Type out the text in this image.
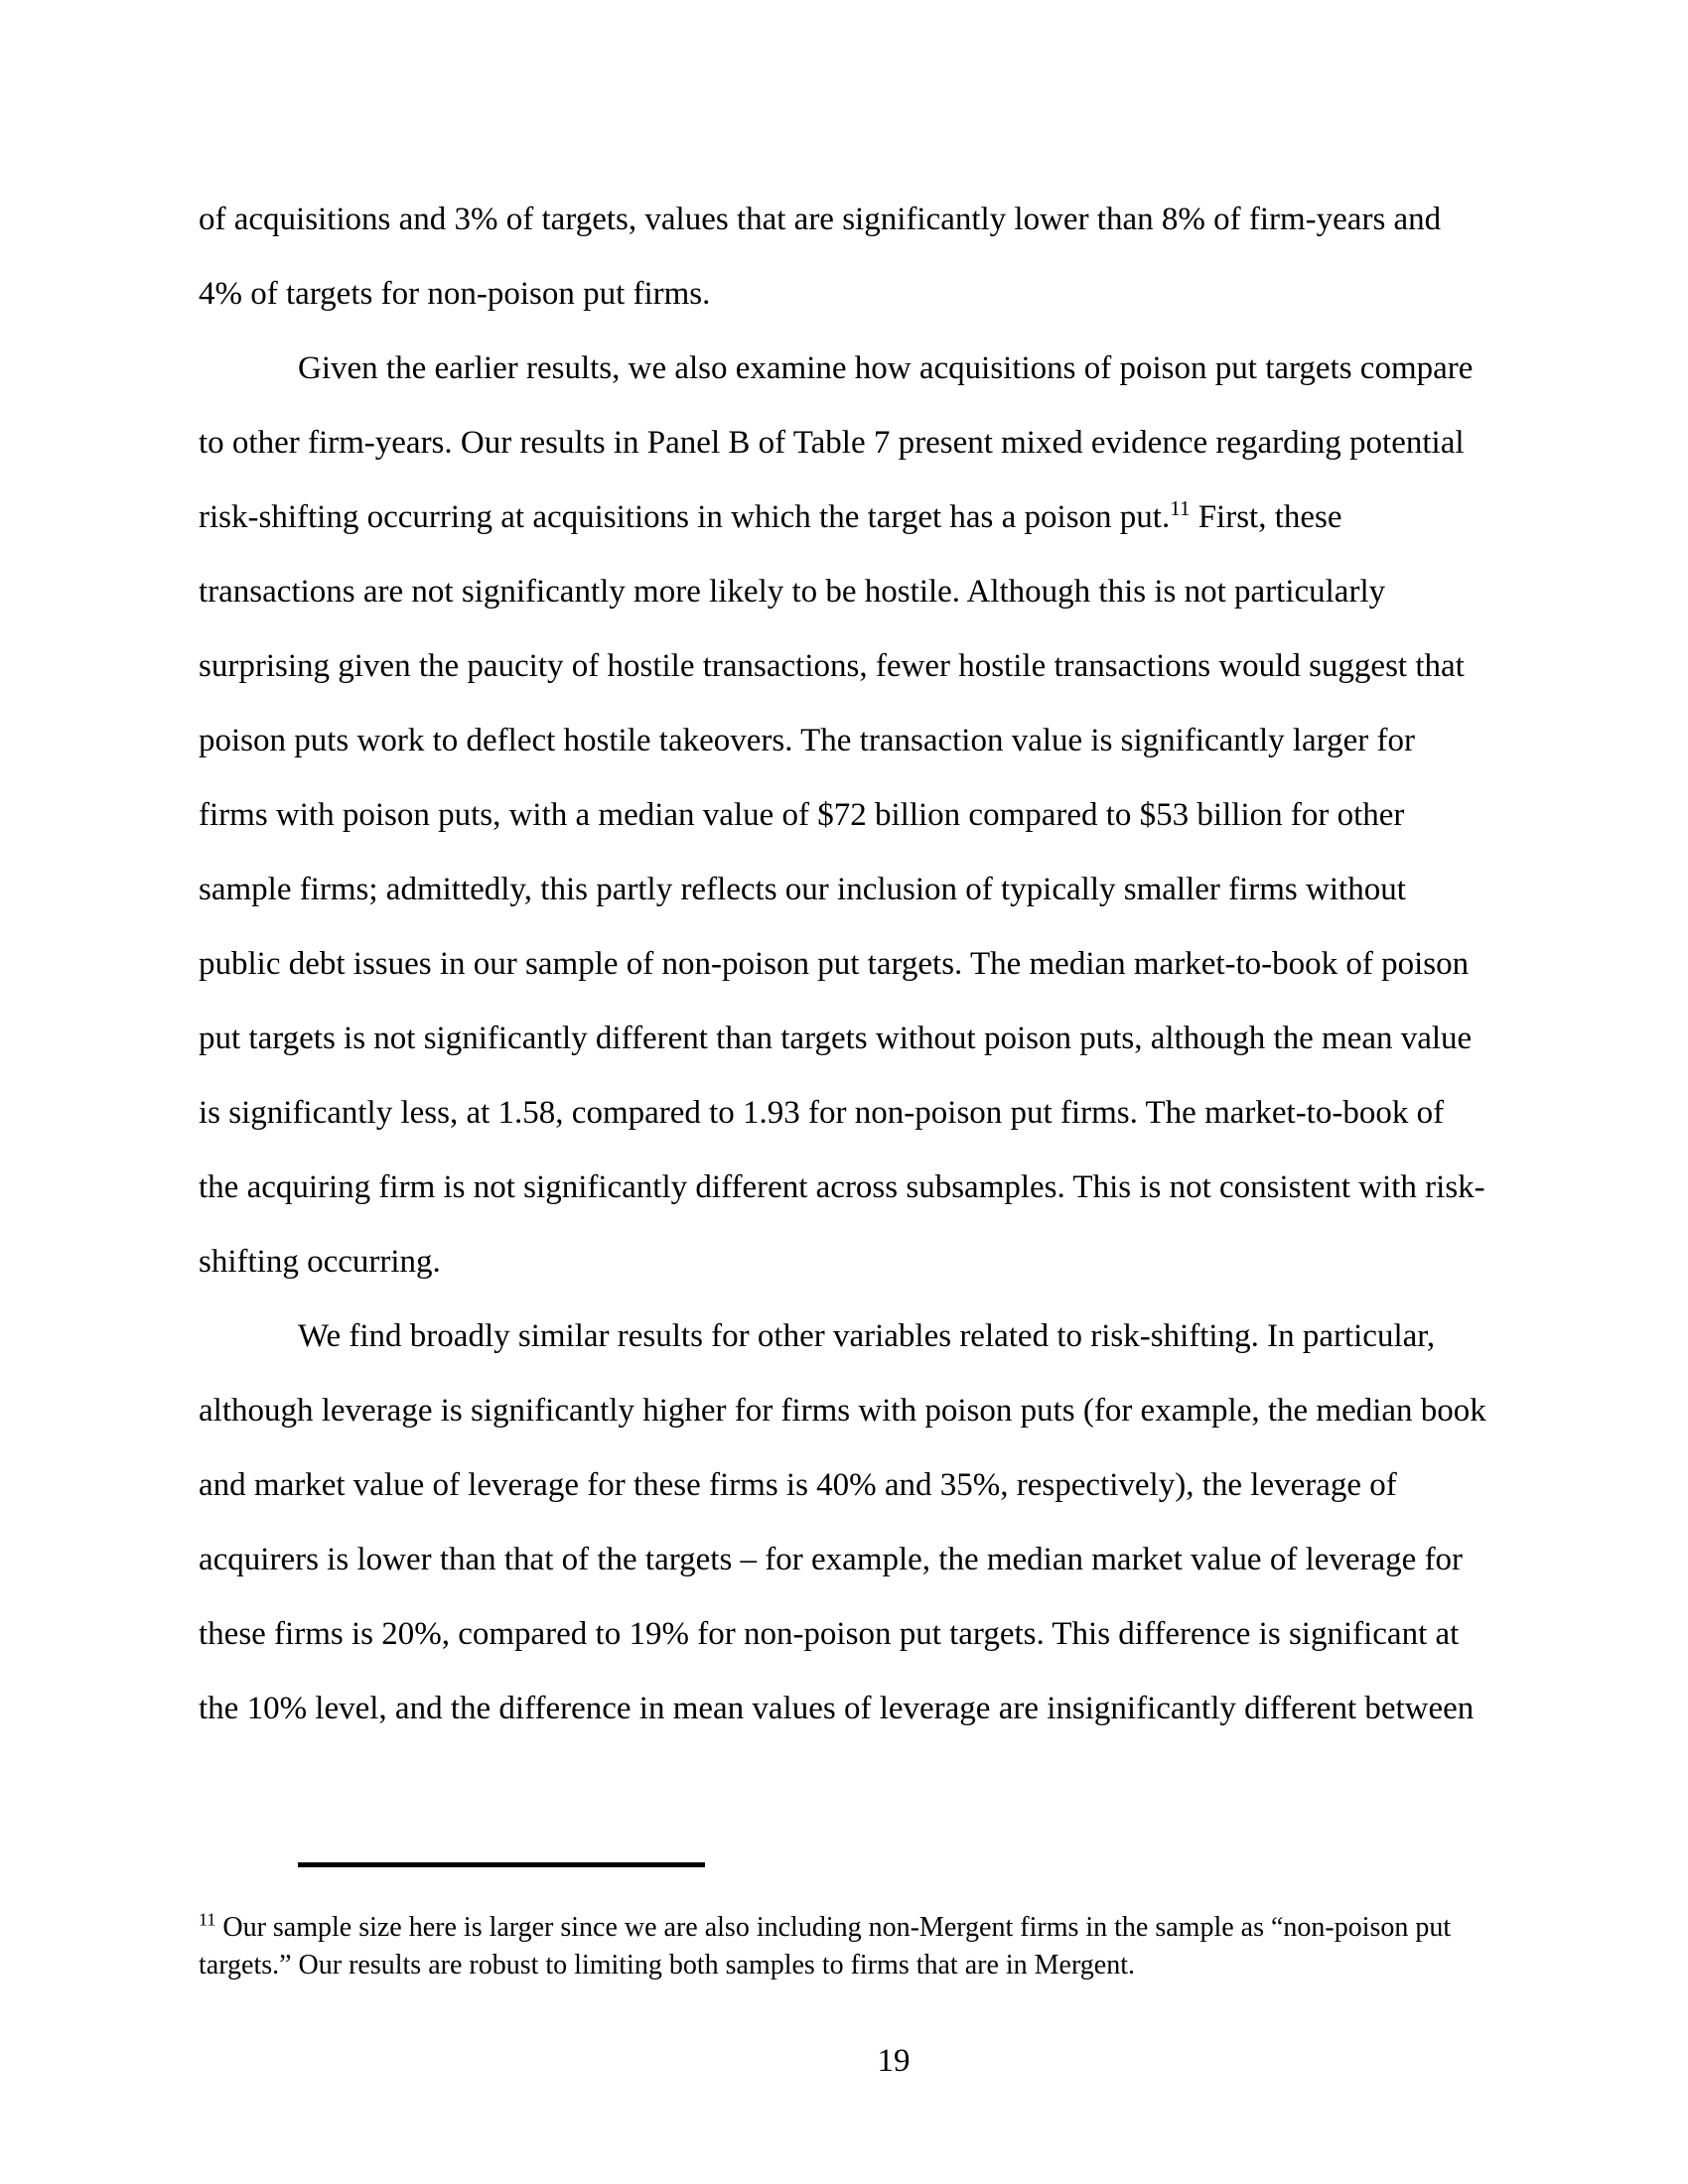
of acquisitions and 3% of targets, values that are significantly lower than 8% of firm-years and 4% of targets for non-poison put firms.

Given the earlier results, we also examine how acquisitions of poison put targets compare to other firm-years. Our results in Panel B of Table 7 present mixed evidence regarding potential risk-shifting occurring at acquisitions in which the target has a poison put.$^{11}$ First, these transactions are not significantly more likely to be hostile. Although this is not particularly surprising given the paucity of hostile transactions, fewer hostile transactions would suggest that poison puts work to deflect hostile takeovers. The transaction value is significantly larger for firms with poison puts, with a median value of $72 billion compared to $53 billion for other sample firms; admittedly, this partly reflects our inclusion of typically smaller firms without public debt issues in our sample of non-poison put targets. The median market-to-book of poison put targets is not significantly different than targets without poison puts, although the mean value is significantly less, at 1.58, compared to 1.93 for non-poison put firms. The market-to-book of the acquiring firm is not significantly different across subsamples. This is not consistent with risk-shifting occurring.

We find broadly similar results for other variables related to risk-shifting. In particular, although leverage is significantly higher for firms with poison puts (for example, the median book and market value of leverage for these firms is 40% and 35%, respectively), the leverage of acquirers is lower than that of the targets – for example, the median market value of leverage for these firms is 20%, compared to 19% for non-poison put targets. This difference is significant at the 10% level, and the difference in mean values of leverage are insignificantly different between

$^{11}$ Our sample size here is larger since we are also including non-Mergent firms in the sample as “non-poison put targets.” Our results are robust to limiting both samples to firms that are in Mergent.
19
